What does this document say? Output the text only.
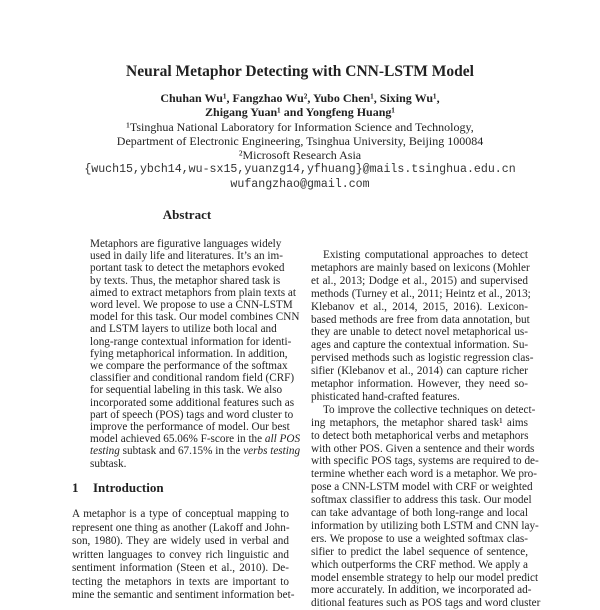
Neural Metaphor Detecting with CNN-LSTM Model
Chuhan Wu¹, Fangzhao Wu², Yubo Chen¹, Sixing Wu¹,
Zhigang Yuan¹ and Yongfeng Huang¹
¹Tsinghua National Laboratory for Information Science and Technology,
Department of Electronic Engineering, Tsinghua University, Beijing 100084
²Microsoft Research Asia
{wuch15,ybch14,wu-sx15,yuanzg14,yfhuang}@mails.tsinghua.edu.cn
wufangzhao@gmail.com
Abstract
Metaphors are figurative languages widely
used in daily life and literatures. It’s an im-
portant task to detect the metaphors evoked
by texts. Thus, the metaphor shared task is
aimed to extract metaphors from plain texts at
word level. We propose to use a CNN-LSTM
model for this task. Our model combines CNN
and LSTM layers to utilize both local and
long-range contextual information for identi-
fying metaphorical information. In addition,
we compare the performance of the softmax
classifier and conditional random field (CRF)
for sequential labeling in this task. We also
incorporated some additional features such as
part of speech (POS) tags and word cluster to
improve the performance of model. Our best
model achieved 65.06% F-score in the all POS
testing subtask and 67.15% in the verbs testing
subtask.
1 Introduction
A metaphor is a type of conceptual mapping to
represent one thing as another (Lakoff and John-
son, 1980). They are widely used in verbal and
written languages to convey rich linguistic and
sentiment information (Steen et al., 2010). De-
tecting the metaphors in texts are important to
mine the semantic and sentiment information bet-
Existing computational approaches to detect
metaphors are mainly based on lexicons (Mohler
et al., 2013; Dodge et al., 2015) and supervised
methods (Turney et al., 2011; Heintz et al., 2013;
Klebanov et al., 2014, 2015, 2016). Lexicon-
based methods are free from data annotation, but
they are unable to detect novel metaphorical us-
ages and capture the contextual information. Su-
pervised methods such as logistic regression clas-
sifier (Klebanov et al., 2014) can capture richer
metaphor information. However, they need so-
phisticated hand-crafted features.
To improve the collective techniques on detect-
ing metaphors, the metaphor shared task¹ aims
to detect both metaphorical verbs and metaphors
with other POS. Given a sentence and their words
with specific POS tags, systems are required to de-
termine whether each word is a metaphor. We pro-
pose a CNN-LSTM model with CRF or weighted
softmax classifier to address this task. Our model
can take advantage of both long-range and local
information by utilizing both LSTM and CNN lay-
ers. We propose to use a weighted softmax clas-
sifier to predict the label sequence of sentence,
which outperforms the CRF method. We apply a
model ensemble strategy to help our model predict
more accurately. In addition, we incorporated ad-
ditional features such as POS tags and word cluster
